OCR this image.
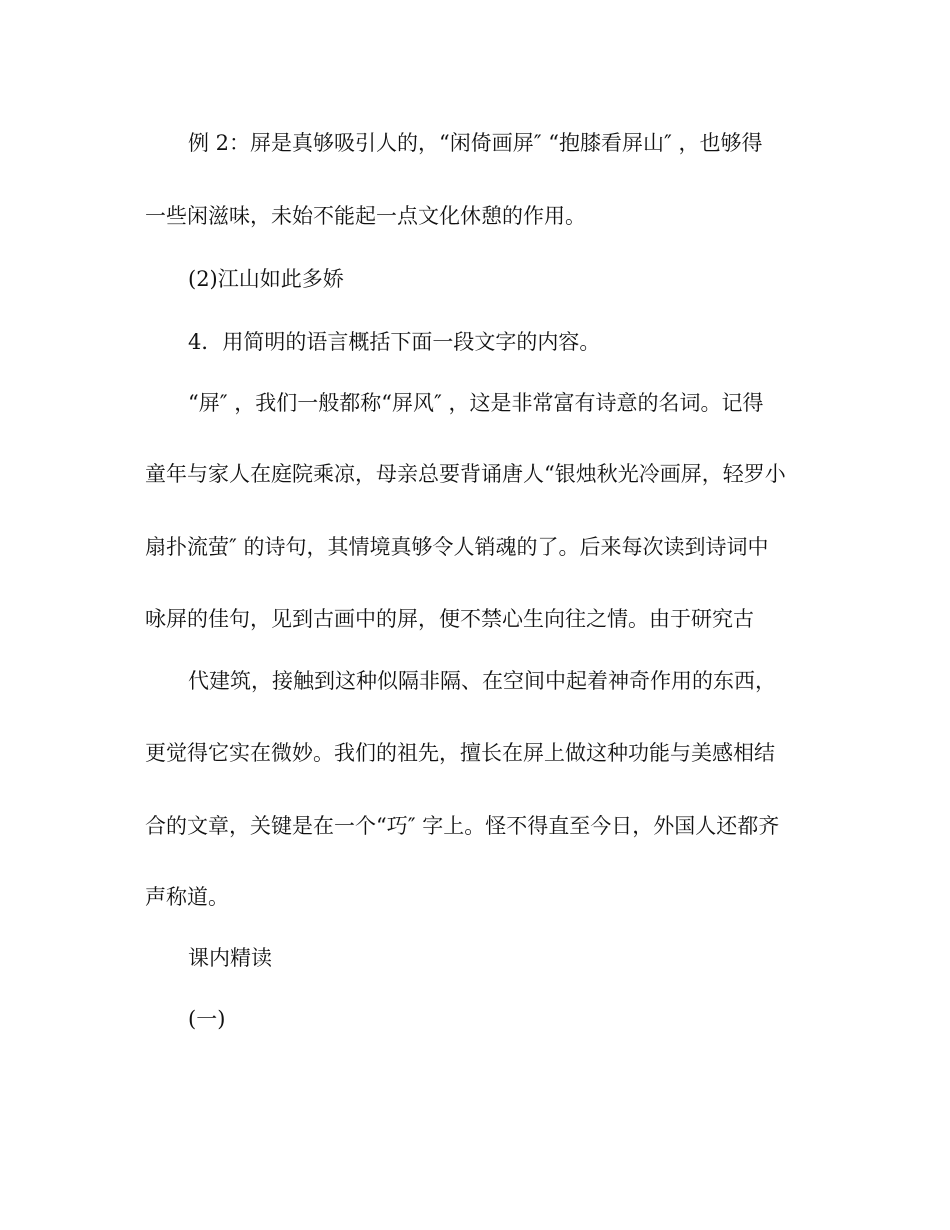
例 2：屏是真够吸引人的，“闲倚画屏″ “抱膝看屏山″ ，也够得

一些闲滋味，未始不能起一点文化休憩的作用。

(2)江山如此多娇

4．用简明的语言概括下面一段文字的内容。

“屏″ ，我们一般都称“屏风″ ，这是非常富有诗意的名词。记得

童年与家人在庭院乘凉，母亲总要背诵唐人“银烛秋光冷画屏，轻罗小

扇扑流萤″ 的诗句，其情境真够令人销魂的了。后来每次读到诗词中

咏屏的佳句，见到古画中的屏，便不禁心生向往之情。由于研究古

代建筑，接触到这种似隔非隔、在空间中起着神奇作用的东西，

更觉得它实在微妙。我们的祖先，擅长在屏上做这种功能与美感相结

合的文章，关键是在一个“巧″ 字上。怪不得直至今日，外国人还都齐

声称道。

课内精读

(一)
